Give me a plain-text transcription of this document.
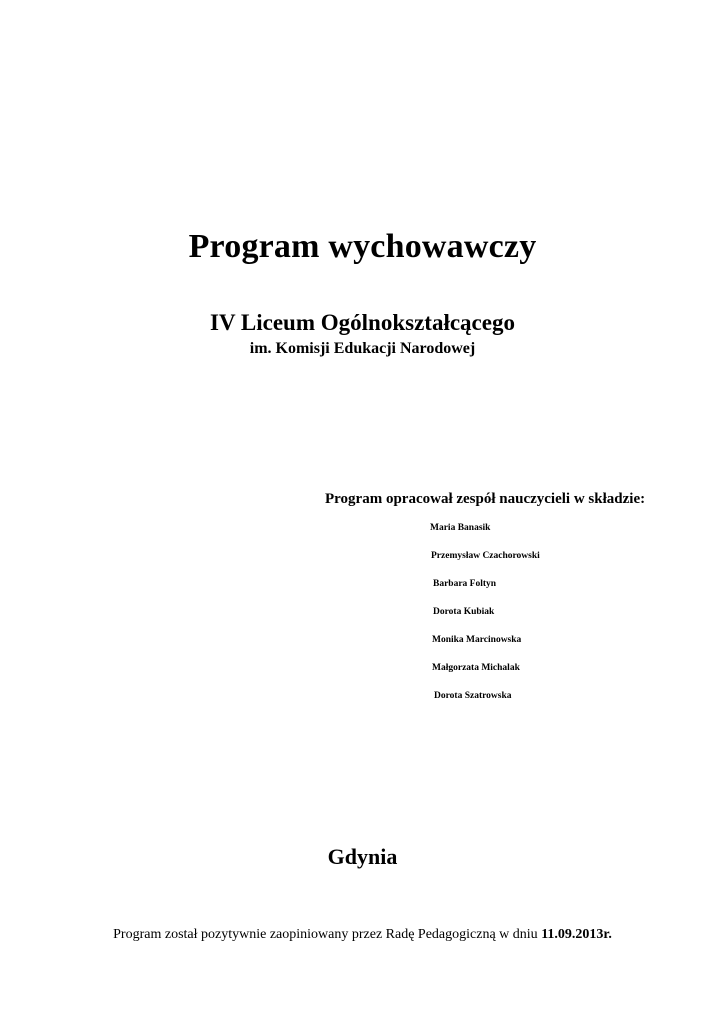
Program wychowawczy
IV Liceum Ogólnokształcącego
im. Komisji Edukacji Narodowej
Program opracował zespół nauczycieli w składzie:
Maria Banasik
Przemysław Czachorowski
Barbara Foltyn
Dorota Kubiak
Monika Marcinowska
Małgorzata Michalak
Dorota Szatrowska
Gdynia
Program został pozytywnie zaopiniowany przez Radę Pedagogiczną w dniu 11.09.2013r.
